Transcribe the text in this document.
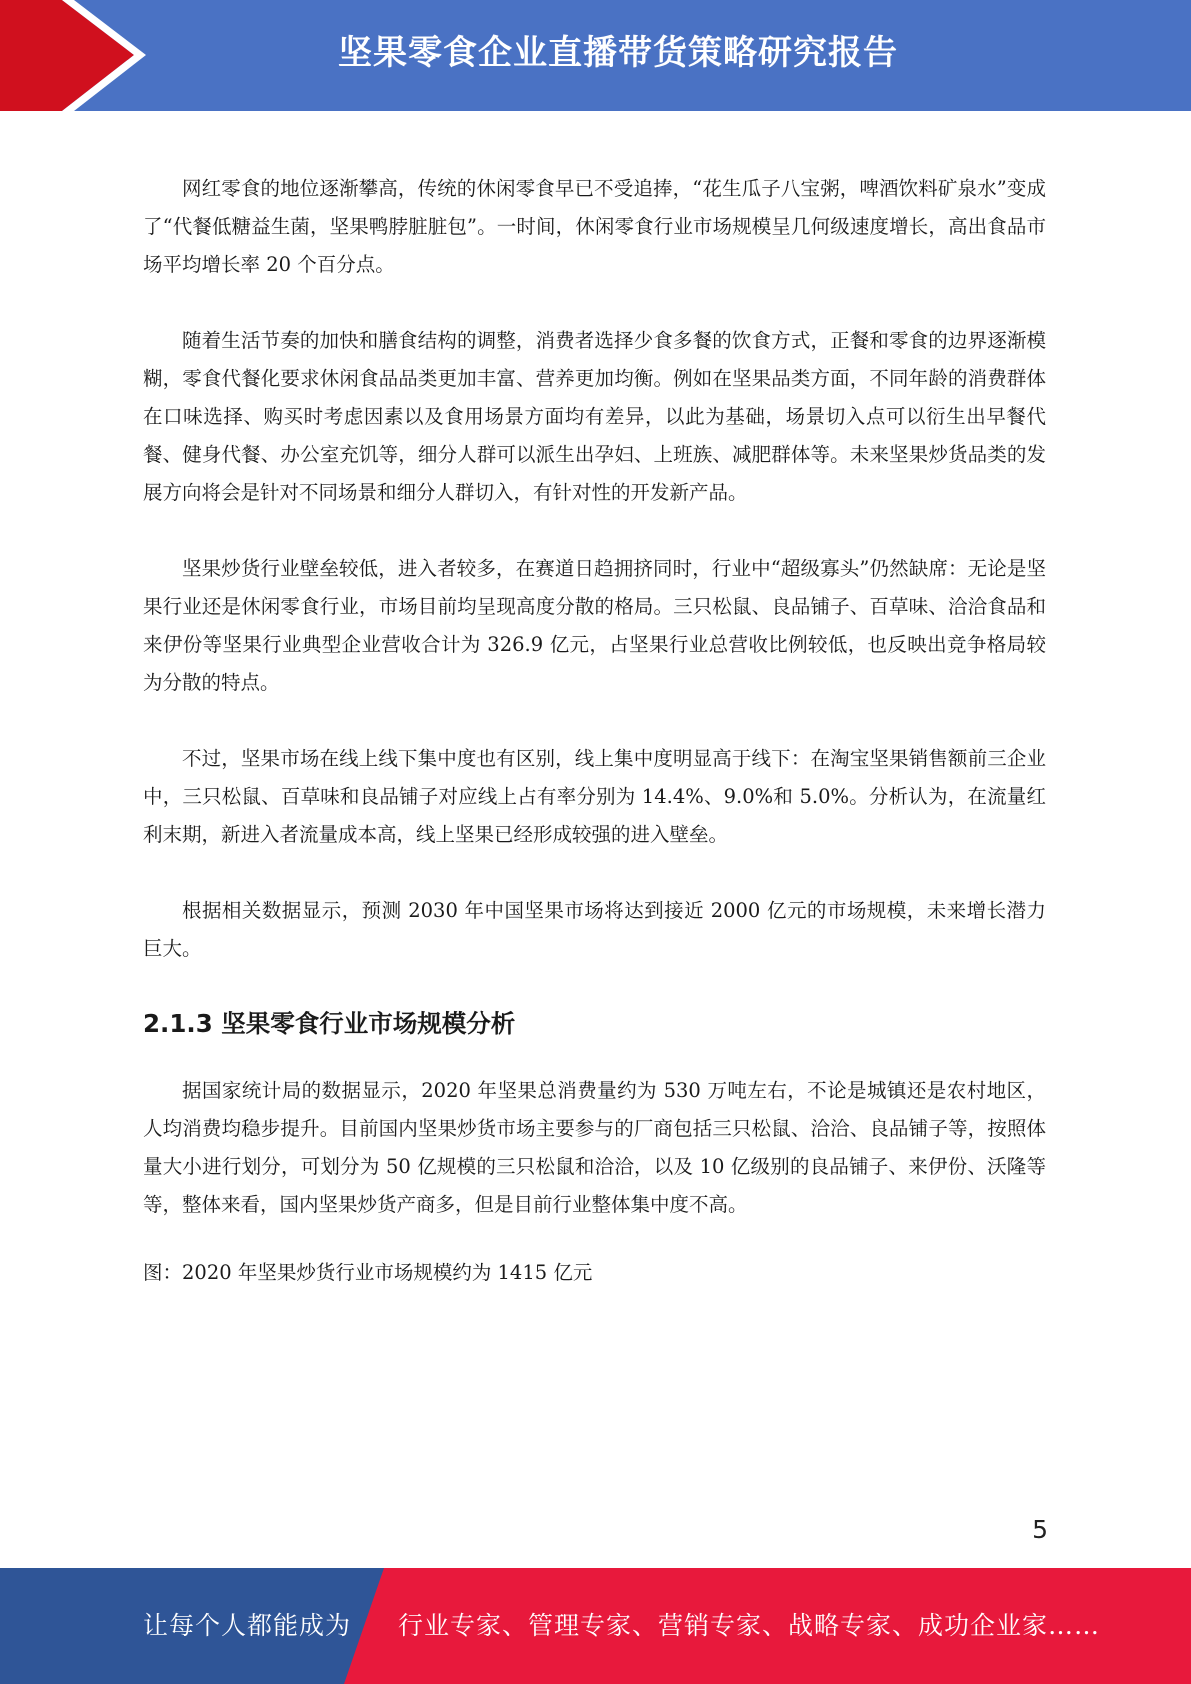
坚果零食企业直播带货策略研究报告

网红零食的地位逐渐攀高，传统的休闲零食早已不受追捧，“花生瓜子八宝粥，啤酒饮料矿泉水”变成了“代餐低糖益生菌，坚果鸭脖脏脏包”。一时间，休闲零食行业市场规模呈几何级速度增长，高出食品市场平均增长率 20 个百分点。

随着生活节奏的加快和膳食结构的调整，消费者选择少食多餐的饮食方式，正餐和零食的边界逐渐模糊，零食代餐化要求休闲食品品类更加丰富、营养更加均衡。例如在坚果品类方面，不同年龄的消费群体在口味选择、购买时考虑因素以及食用场景方面均有差异，以此为基础，场景切入点可以衍生出早餐代餐、健身代餐、办公室充饥等，细分人群可以派生出孕妇、上班族、减肥群体等。未来坚果炒货品类的发展方向将会是针对不同场景和细分人群切入，有针对性的开发新产品。

坚果炒货行业壁垒较低，进入者较多，在赛道日趋拥挤同时，行业中“超级寡头”仍然缺席：无论是坚果行业还是休闲零食行业，市场目前均呈现高度分散的格局。三只松鼠、良品铺子、百草味、洽洽食品和来伊份等坚果行业典型企业营收合计为 326.9 亿元，占坚果行业总营收比例较低，也反映出竞争格局较为分散的特点。

不过，坚果市场在线上线下集中度也有区别，线上集中度明显高于线下：在淘宝坚果销售额前三企业中，三只松鼠、百草味和良品铺子对应线上占有率分别为 14.4%、9.0%和 5.0%。分析认为，在流量红利末期，新进入者流量成本高，线上坚果已经形成较强的进入壁垒。

根据相关数据显示，预测 2030 年中国坚果市场将达到接近 2000 亿元的市场规模，未来增长潜力巨大。

2.1.3 坚果零食行业市场规模分析

据国家统计局的数据显示，2020 年坚果总消费量约为 530 万吨左右，不论是城镇还是农村地区，人均消费均稳步提升。目前国内坚果炒货市场主要参与的厂商包括三只松鼠、洽洽、良品铺子等，按照体量大小进行划分，可划分为 50 亿规模的三只松鼠和洽洽，以及 10 亿级别的良品铺子、来伊份、沃隆等等，整体来看，国内坚果炒货产商多，但是目前行业整体集中度不高。

图：2020 年坚果炒货行业市场规模约为 1415 亿元

5
让每个人都能成为 行业专家、管理专家、营销专家、战略专家、成功企业家……
